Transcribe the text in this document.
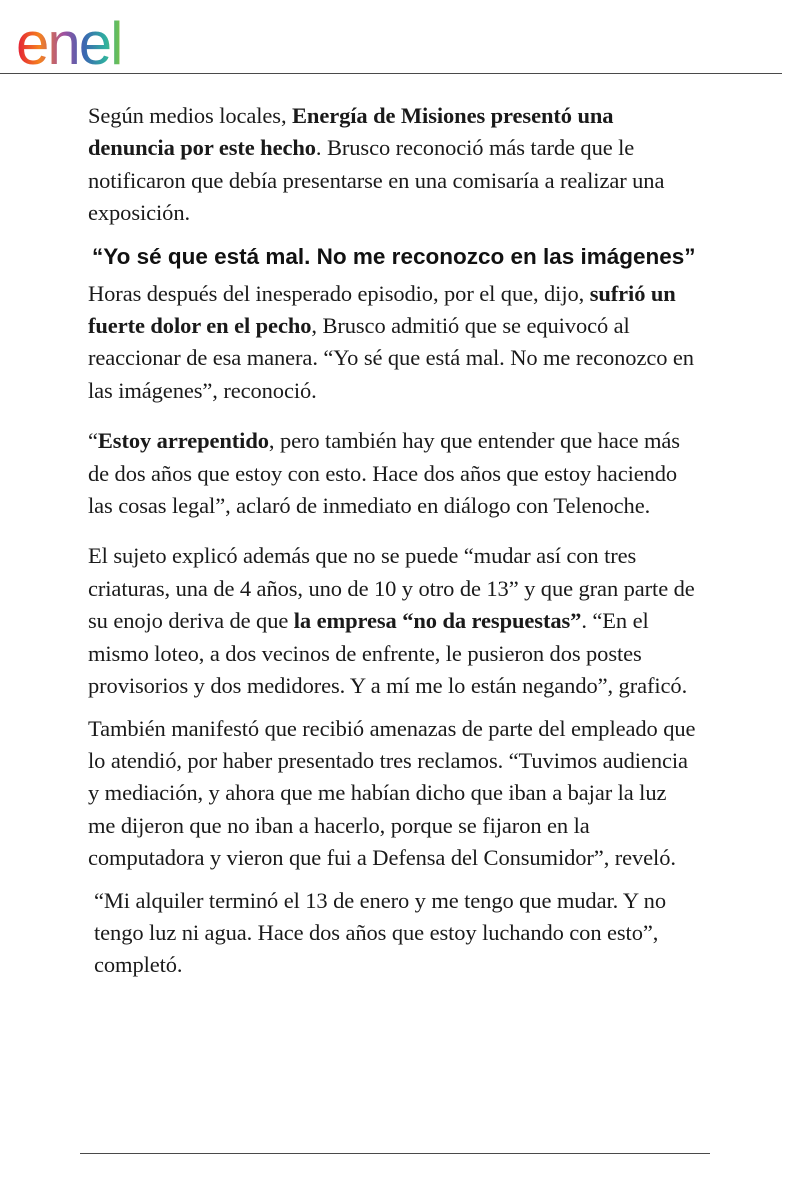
enel

Según medios locales, Energía de Misiones presentó una denuncia por este hecho. Brusco reconoció más tarde que le notificaron que debía presentarse en una comisaría a realizar una exposición.

“Yo sé que está mal. No me reconozco en las imágenes”

Horas después del inesperado episodio, por el que, dijo, sufrió un fuerte dolor en el pecho, Brusco admitió que se equivocó al reaccionar de esa manera. “Yo sé que está mal. No me reconozco en las imágenes”, reconoció.

“Estoy arrepentido, pero también hay que entender que hace más de dos años que estoy con esto. Hace dos años que estoy haciendo las cosas legal”, aclaró de inmediato en diálogo con Telenoche.

El sujeto explicó además que no se puede “mudar así con tres criaturas, una de 4 años, uno de 10 y otro de 13” y que gran parte de su enojo deriva de que la empresa “no da respuestas”. “En el mismo loteo, a dos vecinos de enfrente, le pusieron dos postes provisorios y dos medidores. Y a mí me lo están negando”, graficó.

También manifestó que recibió amenazas de parte del empleado que lo atendió, por haber presentado tres reclamos. “Tuvimos audiencia y mediación, y ahora que me habían dicho que iban a bajar la luz me dijeron que no iban a hacerlo, porque se fijaron en la computadora y vieron que fui a Defensa del Consumidor”, reveló.

“Mi alquiler terminó el 13 de enero y me tengo que mudar. Y no tengo luz ni agua. Hace dos años que estoy luchando con esto”, completó.
